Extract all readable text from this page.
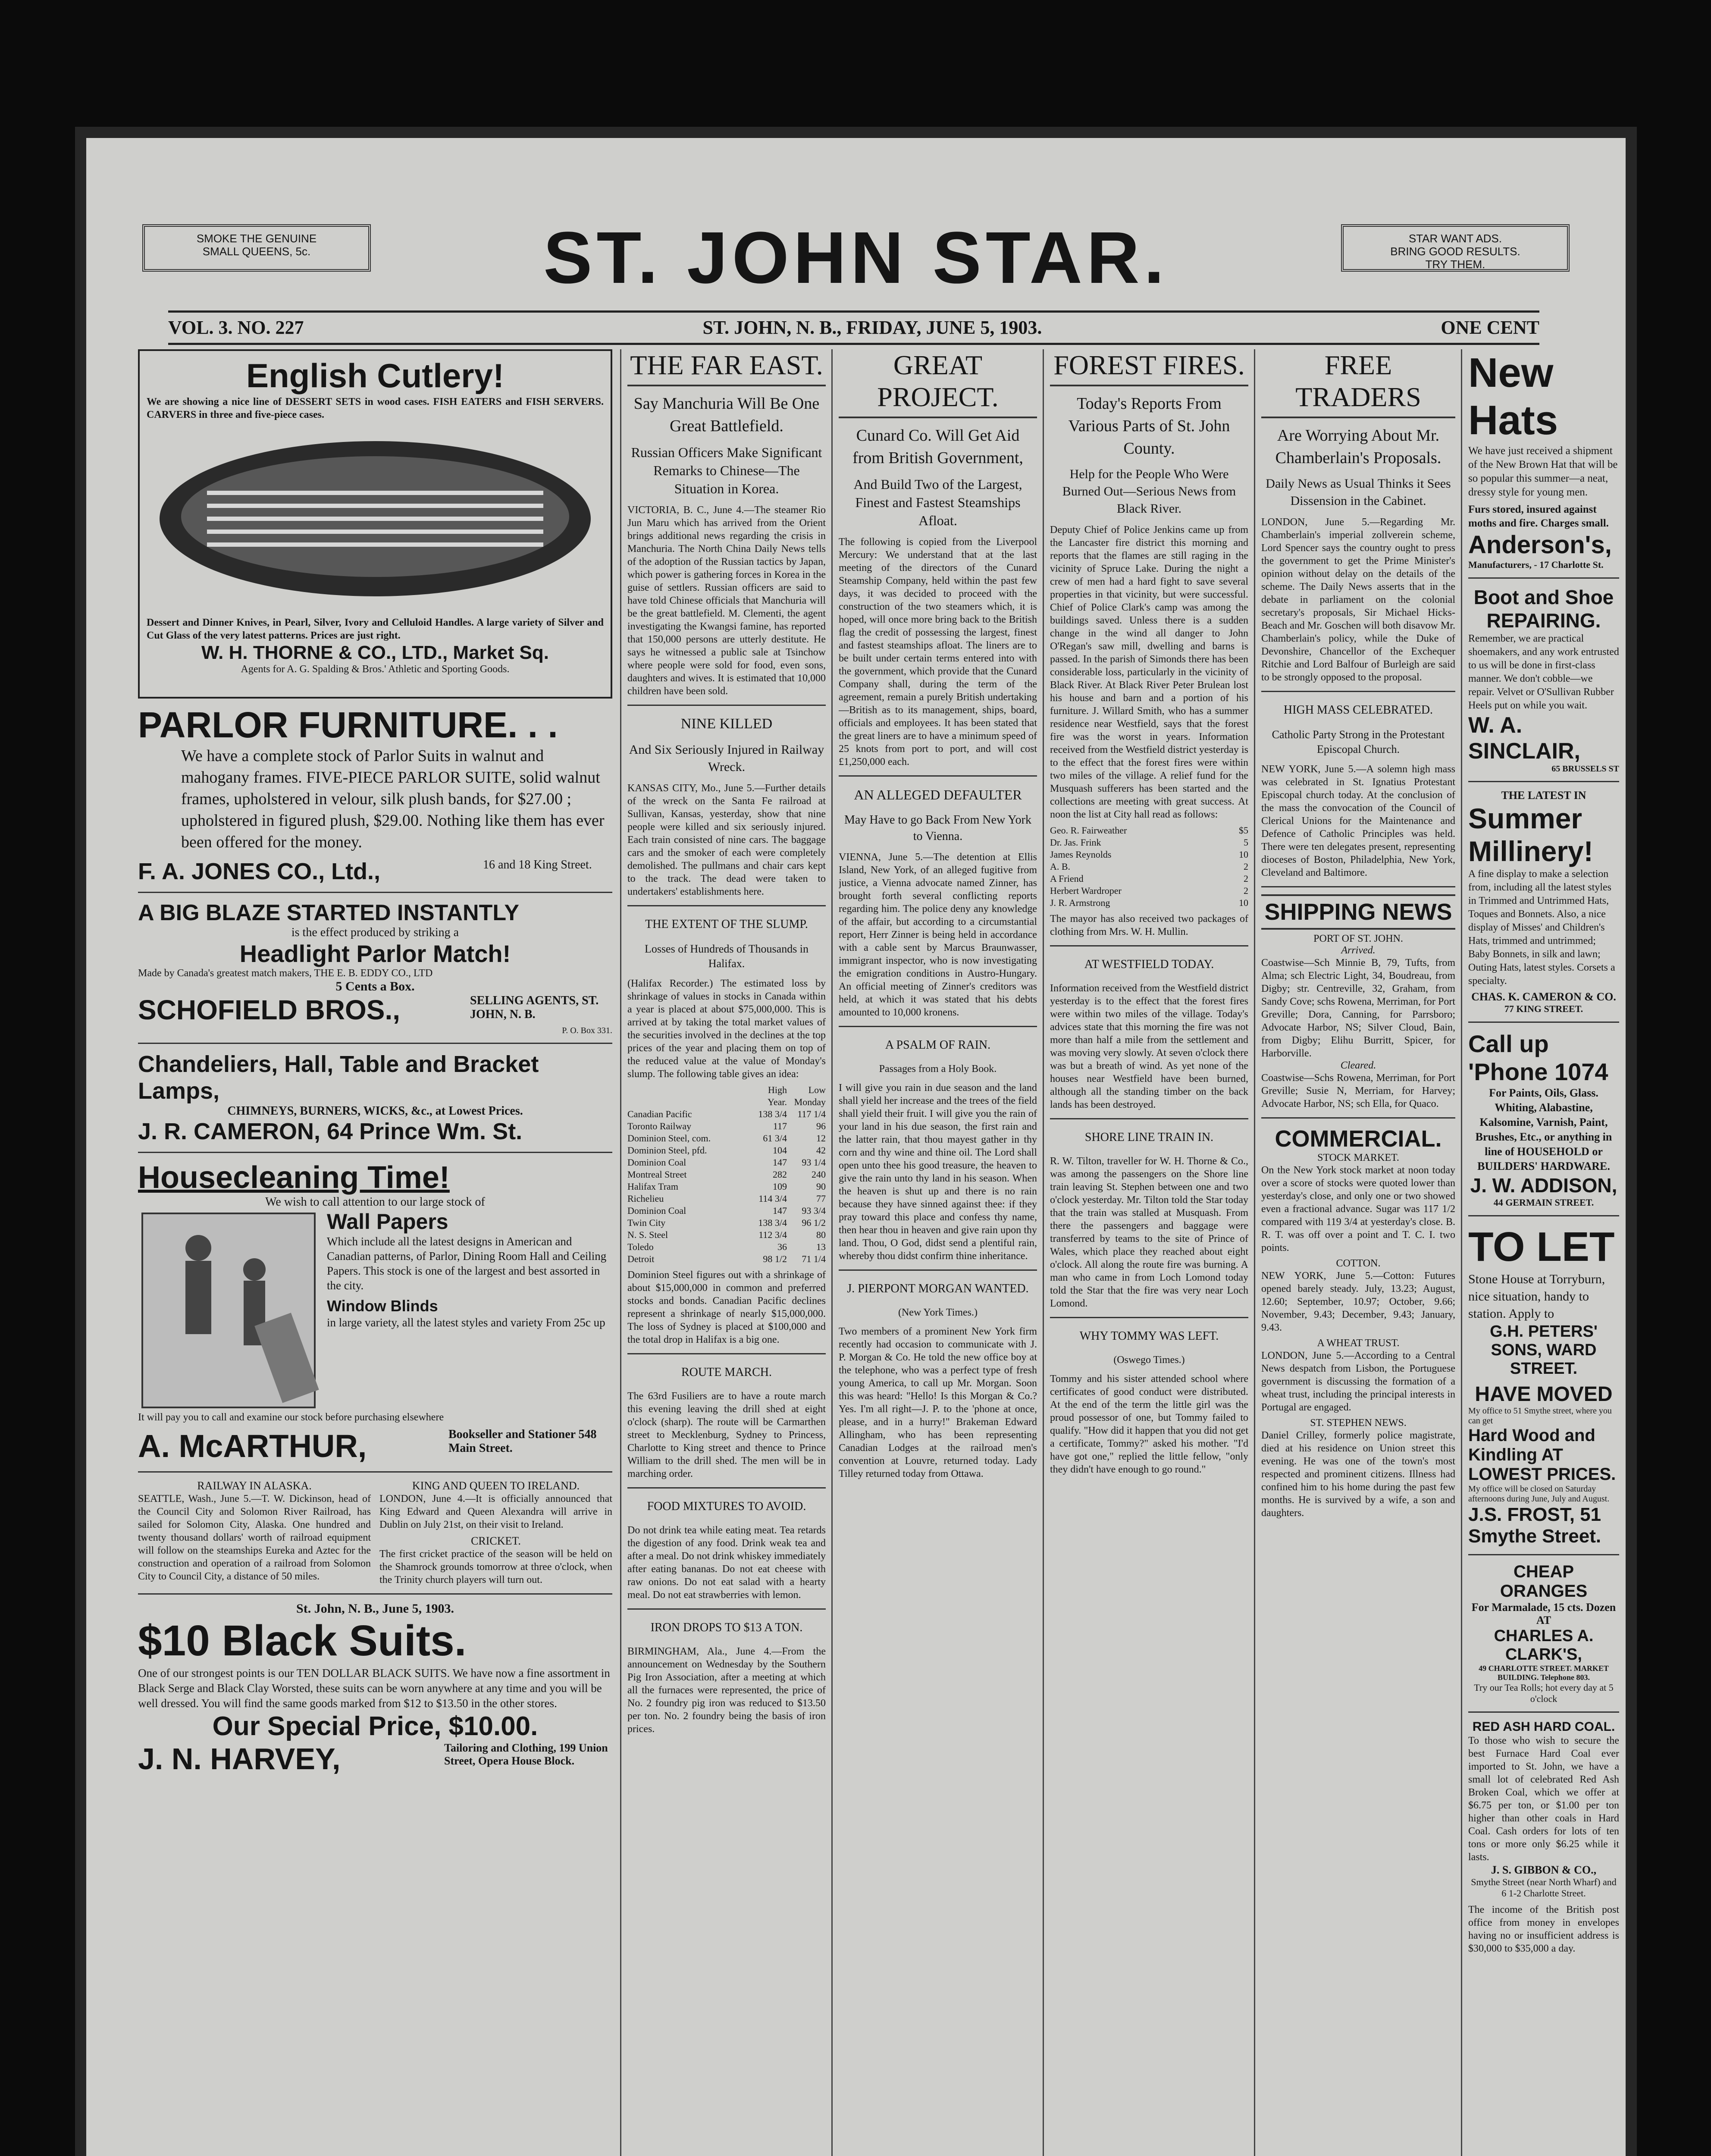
SMOKE THE GENUINE
SMALL QUEENS, 5c.	ST. JOHN STAR.	STAR WANT ADS.
BRING GOOD RESULTS.
TRY THEM.
VOL. 3. NO. 227	ST. JOHN, N. B., FRIDAY, JUNE 5, 1903.	ONE CENT
English Cutlery!
We are showing a nice line of DESSERT SETS in wood cases. FISH EATERS and FISH SERVERS. CARVERS in three and five-piece cases.
Dessert and Dinner Knives, in Pearl, Silver, Ivory and Celluloid Handles. A large variety of Silver and Cut Glass of the very latest patterns. Prices are just right.
W. H. THORNE & CO., LTD., Market Sq.
Agents for A. G. Spalding & Bros.' Athletic and Sporting Goods.
PARLOR FURNITURE. . .
We have a complete stock of Parlor Suits in walnut and mahogany frames. FIVE-PIECE PARLOR SUITE, solid walnut frames, upholstered in velour, silk plush bands, for $27.00 ; upholstered in figured plush, $29.00. Nothing like them has ever been offered for the money.
F. A. JONES CO., Ltd.,	16 and 18 King Street.
A BIG BLAZE STARTED INSTANTLY
is the effect produced by striking a
Headlight Parlor Match!
Made by Canada's greatest match makers, THE E. B. EDDY CO., LTD
5 Cents a Box.
SCHOFIELD BROS.,	SELLING AGENTS, ST. JOHN, N. B.
P. O. Box 331.
Chandeliers, Hall, Table and Bracket Lamps,
CHIMNEYS, BURNERS, WICKS, &c., at Lowest Prices.
J. R. CAMERON, 64 Prince Wm. St.
Housecleaning Time!
We wish to call attention to our large stock of
Wall Papers
Which include all the latest designs in American and Canadian patterns, of Parlor, Dining Room Hall and Ceiling Papers. This stock is one of the largest and best assorted in the city.
Window Blinds
in large variety, all the latest styles and variety From 25c up
It will pay you to call and examine our stock before purchasing elsewhere
A. McARTHUR,	Bookseller and Stationer 548 Main Street.
RAILWAY IN ALASKA.
SEATTLE, Wash., June 5.—T. W. Dickinson, head of the Council City and Solomon River Railroad, has sailed for Solomon City, Alaska. One hundred and twenty thousand dollars' worth of railroad equipment will follow on the steamships Eureka and Aztec for the construction and operation of a railroad from Solomon City to Council City, a distance of 50 miles.
KING AND QUEEN TO IRELAND.
LONDON, June 4.—It is officially announced that King Edward and Queen Alexandra will arrive in Dublin on July 21st, on their visit to Ireland.
CRICKET.
The first cricket practice of the season will be held on the Shamrock grounds tomorrow at three o'clock, when the Trinity church players will turn out.
St. John, N. B., June 5, 1903.
$10 Black Suits.
One of our strongest points is our TEN DOLLAR BLACK SUITS. We have now a fine assortment in Black Serge and Black Clay Worsted, these suits can be worn anywhere at any time and you will be well dressed. You will find the same goods marked from $12 to $13.50 in the other stores.
Our Special Price, $10.00.
J. N. HARVEY,	Tailoring and Clothing, 199 Union Street, Opera House Block.
THE FAR EAST.
Say Manchuria Will Be One Great Battlefield.
Russian Officers Make Significant Remarks to Chinese—The Situation in Korea.
VICTORIA, B. C., June 4.—The steamer Rio Jun Maru which has arrived from the Orient brings additional news regarding the crisis in Manchuria. The North China Daily News tells of the adoption of the Russian tactics by Japan, which power is gathering forces in Korea in the guise of settlers. Russian officers are said to have told Chinese officials that Manchuria will be the great battlefield. M. Clementi, the agent investigating the Kwangsi famine, has reported that 150,000 persons are utterly destitute. He says he witnessed a public sale at Tsinchow where people were sold for food, even sons, daughters and wives. It is estimated that 10,000 children have been sold.
NINE KILLED
And Six Seriously Injured in Railway Wreck.
KANSAS CITY, Mo., June 5.—Further details of the wreck on the Santa Fe railroad at Sullivan, Kansas, yesterday, show that nine people were killed and six seriously injured. Each train consisted of nine cars. The baggage cars and the smoker of each were completely demolished. The pullmans and chair cars kept to the track. The dead were taken to undertakers' establishments here.
THE EXTENT OF THE SLUMP.
Losses of Hundreds of Thousands in Halifax.
(Halifax Recorder.) The estimated loss by shrinkage of values in stocks in Canada within a year is placed at about $75,000,000. This is arrived at by taking the total market values of the securities involved in the declines at the top prices of the year and placing them on top of the reduced value at the value of Monday's slump. The following table gives an idea:
High Year.
Low Monday
Canadian Pacific	138 3/4	117 1/4
Toronto Railway	117	96
Dominion Steel, com.	61 3/4	12
Dominion Steel, pfd.	104	42
Dominion Coal	147	93 1/4
Montreal Street	282	240
Halifax Tram	109	90
Richelieu	114 3/4	77
Dominion Coal	147	93 3/4
Twin City	138 3/4	96 1/2
N. S. Steel	112 3/4	80
Toledo	36	13
Detroit	98 1/2	71 1/4
Dominion Steel figures out with a shrinkage of about $15,000,000 in common and preferred stocks and bonds. Canadian Pacific declines represent a shrinkage of nearly $15,000,000. The loss of Sydney is placed at $100,000 and the total drop in Halifax is a big one.
ROUTE MARCH.
The 63rd Fusiliers are to have a route march this evening leaving the drill shed at eight o'clock (sharp). The route will be Carmarthen street to Mecklenburg, Sydney to Princess, Charlotte to King street and thence to Prince William to the drill shed. The men will be in marching order.
FOOD MIXTURES TO AVOID.
Do not drink tea while eating meat. Tea retards the digestion of any food. Drink weak tea and after a meal. Do not drink whiskey immediately after eating bananas. Do not eat cheese with raw onions. Do not eat salad with a hearty meal. Do not eat strawberries with lemon.
IRON DROPS TO $13 A TON.
BIRMINGHAM, Ala., June 4.—From the announcement on Wednesday by the Southern Pig Iron Association, after a meeting at which all the furnaces were represented, the price of No. 2 foundry pig iron was reduced to $13.50 per ton. No. 2 foundry being the basis of iron prices.
GREAT PROJECT.
Cunard Co. Will Get Aid from British Government,
And Build Two of the Largest, Finest and Fastest Steamships Afloat.
The following is copied from the Liverpool Mercury: We understand that at the last meeting of the directors of the Cunard Steamship Company, held within the past few days, it was decided to proceed with the construction of the two steamers which, it is hoped, will once more bring back to the British flag the credit of possessing the largest, finest and fastest steamships afloat. The liners are to be built under certain terms entered into with the government, which provide that the Cunard Company shall, during the term of the agreement, remain a purely British undertaking—British as to its management, ships, board, officials and employees. It has been stated that the great liners are to have a minimum speed of 25 knots from port to port, and will cost £1,250,000 each.
AN ALLEGED DEFAULTER
May Have to go Back From New York to Vienna.
VIENNA, June 5.—The detention at Ellis Island, New York, of an alleged fugitive from justice, a Vienna advocate named Zinner, has brought forth several conflicting reports regarding him. The police deny any knowledge of the affair, but according to a circumstantial report, Herr Zinner is being held in accordance with a cable sent by Marcus Braunwasser, immigrant inspector, who is now investigating the emigration conditions in Austro-Hungary. An official meeting of Zinner's creditors was held, at which it was stated that his debts amounted to 10,000 kronens.
A PSALM OF RAIN.
Passages from a Holy Book.
I will give you rain in due season and the land shall yield her increase and the trees of the field shall yield their fruit. I will give you the rain of your land in his due season, the first rain and the latter rain, that thou mayest gather in thy corn and thy wine and thine oil. The Lord shall open unto thee his good treasure, the heaven to give the rain unto thy land in his season. When the heaven is shut up and there is no rain because they have sinned against thee: if they pray toward this place and confess thy name, then hear thou in heaven and give rain upon thy land. Thou, O God, didst send a plentiful rain, whereby thou didst confirm thine inheritance.
J. PIERPONT MORGAN WANTED.
(New York Times.)
Two members of a prominent New York firm recently had occasion to communicate with J. P. Morgan & Co. He told the new office boy at the telephone, who was a perfect type of fresh young America, to call up Mr. Morgan. Soon this was heard: "Hello! Is this Morgan & Co.? Yes. I'm all right—J. P. to the 'phone at once, please, and in a hurry!" Brakeman Edward Allingham, who has been representing Canadian Lodges at the railroad men's convention at Louvre, returned today. Lady Tilley returned today from Ottawa.
FOREST FIRES.
Today's Reports From Various Parts of St. John County.
Help for the People Who Were Burned Out—Serious News from Black River.
Deputy Chief of Police Jenkins came up from the Lancaster fire district this morning and reports that the flames are still raging in the vicinity of Spruce Lake. During the night a crew of men had a hard fight to save several properties in that vicinity, but were successful. Chief of Police Clark's camp was among the buildings saved. Unless there is a sudden change in the wind all danger to John O'Regan's saw mill, dwelling and barns is passed. In the parish of Simonds there has been considerable loss, particularly in the vicinity of Black River. At Black River Peter Brulean lost his house and barn and a portion of his furniture. J. Willard Smith, who has a summer residence near Westfield, says that the forest fire was the worst in years. Information received from the Westfield district yesterday is to the effect that the forest fires were within two miles of the village. A relief fund for the Musquash sufferers has been started and the collections are meeting with great success. At noon the list at City hall read as follows:
Geo. R. Fairweather	$5
Dr. Jas. Frink	5
James Reynolds	10
A. B.	2
A Friend	2
Herbert Wardroper	2
J. R. Armstrong	10
The mayor has also received two packages of clothing from Mrs. W. H. Mullin.
AT WESTFIELD TODAY.
Information received from the Westfield district yesterday is to the effect that the forest fires were within two miles of the village. Today's advices state that this morning the fire was not more than half a mile from the settlement and was moving very slowly. At seven o'clock there was but a breath of wind. As yet none of the houses near Westfield have been burned, although all the standing timber on the back lands has been destroyed.
SHORE LINE TRAIN IN.
R. W. Tilton, traveller for W. H. Thorne & Co., was among the passengers on the Shore line train leaving St. Stephen between one and two o'clock yesterday. Mr. Tilton told the Star today that the train was stalled at Musquash. From there the passengers and baggage were transferred by teams to the site of Prince of Wales, which place they reached about eight o'clock. All along the route fire was burning. A man who came in from Loch Lomond today told the Star that the fire was very near Loch Lomond.
WHY TOMMY WAS LEFT.
(Oswego Times.)
Tommy and his sister attended school where certificates of good conduct were distributed. At the end of the term the little girl was the proud possessor of one, but Tommy failed to qualify. "How did it happen that you did not get a certificate, Tommy?" asked his mother. "I'd have got one," replied the little fellow, "only they didn't have enough to go round."
FREE TRADERS
Are Worrying About Mr. Chamberlain's Proposals.
Daily News as Usual Thinks it Sees Dissension in the Cabinet.
LONDON, June 5.—Regarding Mr. Chamberlain's imperial zollverein scheme, Lord Spencer says the country ought to press the government to get the Prime Minister's opinion without delay on the details of the scheme. The Daily News asserts that in the debate in parliament on the colonial secretary's proposals, Sir Michael Hicks-Beach and Mr. Goschen will both disavow Mr. Chamberlain's policy, while the Duke of Devonshire, Chancellor of the Exchequer Ritchie and Lord Balfour of Burleigh are said to be strongly opposed to the proposal.
HIGH MASS CELEBRATED.
Catholic Party Strong in the Protestant Episcopal Church.
NEW YORK, June 5.—A solemn high mass was celebrated in St. Ignatius Protestant Episcopal church today. At the conclusion of the mass the convocation of the Council of Clerical Unions for the Maintenance and Defence of Catholic Principles was held. There were ten delegates present, representing dioceses of Boston, Philadelphia, New York, Cleveland and Baltimore.
SHIPPING NEWS
PORT OF ST. JOHN.
Arrived.
Coastwise—Sch Minnie B, 79, Tufts, from Alma; sch Electric Light, 34, Boudreau, from Digby; str. Centreville, 32, Graham, from Sandy Cove; schs Rowena, Merriman, for Port Greville; Dora, Canning, for Parrsboro; Advocate Harbor, NS; Silver Cloud, Bain, from Digby; Elihu Burritt, Spicer, for Harborville.
Cleared.
Coastwise—Schs Rowena, Merriman, for Port Greville; Susie N, Merriam, for Harvey; Advocate Harbor, NS; sch Ella, for Quaco.
COMMERCIAL.
STOCK MARKET.
On the New York stock market at noon today over a score of stocks were quoted lower than yesterday's close, and only one or two showed even a fractional advance. Sugar was 117 1/2 compared with 119 3/4 at yesterday's close. B. R. T. was off over a point and T. C. I. two points.
COTTON.
NEW YORK, June 5.—Cotton: Futures opened barely steady. July, 13.23; August, 12.60; September, 10.97; October, 9.66; November, 9.43; December, 9.43; January, 9.43.
A WHEAT TRUST.
LONDON, June 5.—According to a Central News despatch from Lisbon, the Portuguese government is discussing the formation of a wheat trust, including the principal interests in Portugal are engaged.
ST. STEPHEN NEWS.
Daniel Crilley, formerly police magistrate, died at his residence on Union street this evening. He was one of the town's most respected and prominent citizens. Illness had confined him to his home during the past few months. He is survived by a wife, a son and daughters.
New Hats
We have just received a shipment of the New Brown Hat that will be so popular this summer—a neat, dressy style for young men.
Furs stored, insured against moths and fire. Charges small.
Anderson's,
Manufacturers, - 17 Charlotte St.
Boot and Shoe REPAIRING.
Remember, we are practical shoemakers, and any work entrusted to us will be done in first-class manner. We don't cobble—we repair. Velvet or O'Sullivan Rubber Heels put on while you wait.
W. A. SINCLAIR,
65 BRUSSELS ST
THE LATEST IN
Summer Millinery!
A fine display to make a selection from, including all the latest styles in Trimmed and Untrimmed Hats, Toques and Bonnets. Also, a nice display of Misses' and Children's Hats, trimmed and untrimmed; Baby Bonnets, in silk and lawn; Outing Hats, latest styles. Corsets a specialty.
CHAS. K. CAMERON & CO.
77 KING STREET.
Call up 'Phone 1074
For Paints, Oils, Glass. Whiting, Alabastine, Kalsomine, Varnish, Paint, Brushes, Etc., or anything in line of HOUSEHOLD or BUILDERS' HARDWARE.
J. W. ADDISON,
44 GERMAIN STREET.
TO LET
Stone House at Torryburn, nice situation, handy to station. Apply to
G.H. PETERS' SONS, WARD STREET.
HAVE MOVED
My office to 51 Smythe street, where you can get
Hard Wood and Kindling AT LOWEST PRICES.
My office will be closed on Saturday afternoons during June, July and August.
J.S. FROST, 51 Smythe Street.
CHEAP ORANGES
For Marmalade, 15 cts. Dozen AT
CHARLES A. CLARK'S,
49 CHARLOTTE STREET. MARKET BUILDING. Telephone 803.
Try our Tea Rolls; hot every day at 5 o'clock
RED ASH HARD COAL.
To those who wish to secure the best Furnace Hard Coal ever imported to St. John, we have a small lot of celebrated Red Ash Broken Coal, which we offer at $6.75 per ton, or $1.00 per ton higher than other coals in Hard Coal. Cash orders for lots of ten tons or more only $6.25 while it lasts.
J. S. GIBBON & CO.,
Smythe Street (near North Wharf) and 6 1-2 Charlotte Street.
The income of the British post office from money in envelopes having no or insufficient address is $30,000 to $35,000 a day.
